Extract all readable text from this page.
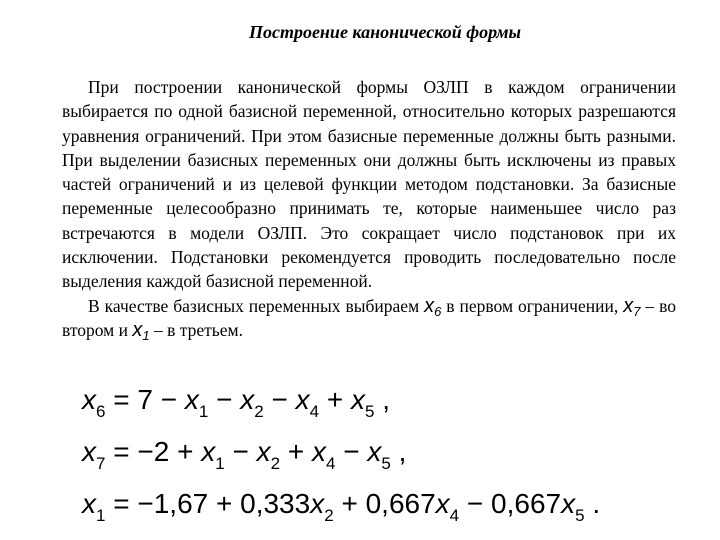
Построение канонической формы

При построении канонической формы ОЗЛП в каждом ограничении выбирается по одной базисной переменной, относительно которых разрешаются уравнения ограничений. При этом базисные переменные должны быть разными. При выделении базисных переменных они должны быть исключены из правых частей ограничений и из целевой функции методом подстановки. За базисные переменные целесообразно принимать те, которые наименьшее число раз встречаются в модели ОЗЛП. Это сокращает число подстановок при их исключении. Подстановки рекомендуется проводить последовательно после выделения каждой базисной переменной.

В качестве базисных переменных выбираем $x_6$ в первом ограничении, $x_7$ – во втором и $x_1$ – в третьем.

$x_6 = 7 - x_1 - x_2 - x_4 + x_5$ ,
$x_7 = -2 + x_1 - x_2 + x_4 - x_5$ ,
$x_1 = -1,67 + 0,333x_2 + 0,667x_4 - 0,667x_5$ .
